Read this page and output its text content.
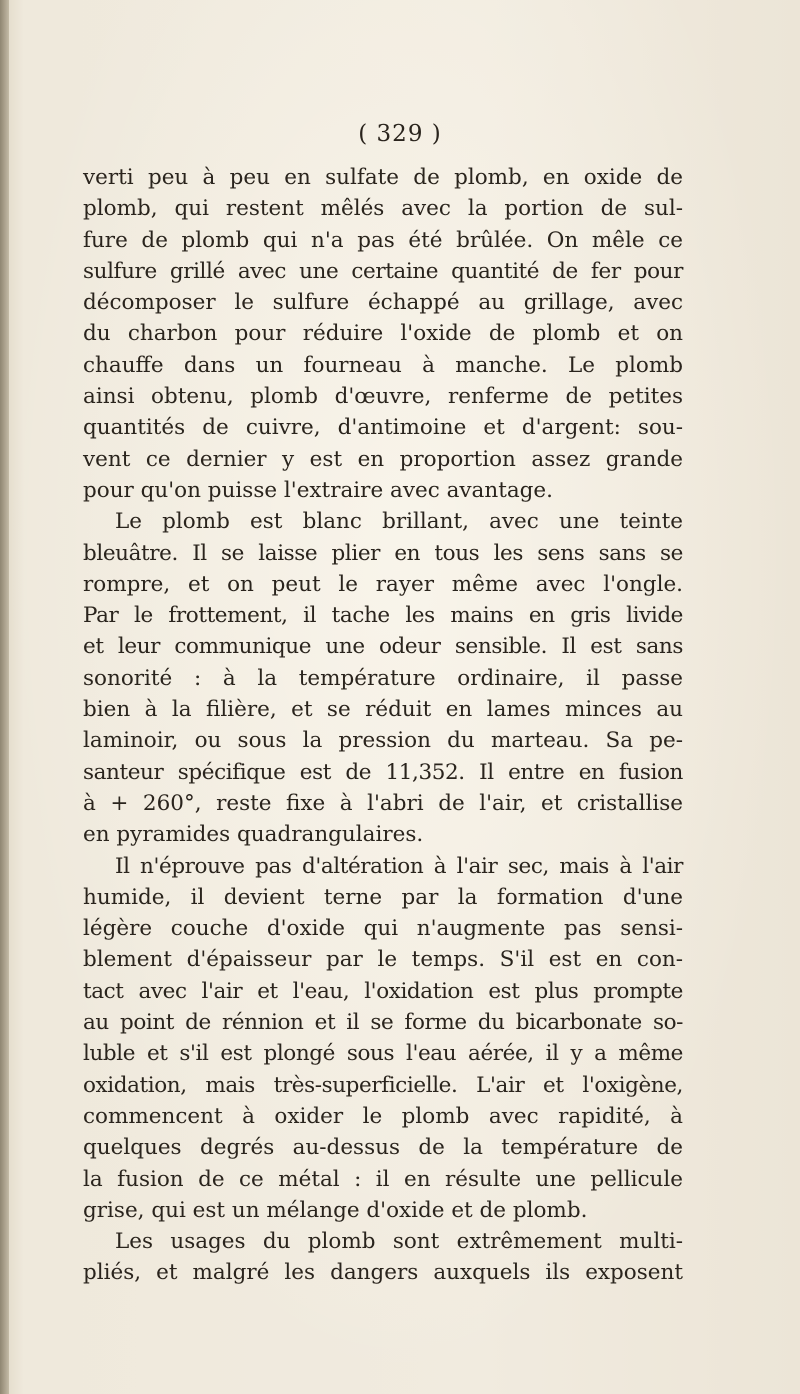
( 329 )
verti peu à peu en sulfate de plomb, en oxide de
plomb, qui restent mêlés avec la portion de sul-
fure de plomb qui n'a pas été brûlée. On mêle ce
sulfure grillé avec une certaine quantité de fer pour
décomposer le sulfure échappé au grillage, avec
du charbon pour réduire l'oxide de plomb et on
chauffe dans un fourneau à manche. Le plomb
ainsi obtenu, plomb d'œuvre, renferme de petites
quantités de cuivre, d'antimoine et d'argent: sou-
vent ce dernier y est en proportion assez grande
pour qu'on puisse l'extraire avec avantage.
Le plomb est blanc brillant, avec une teinte
bleuâtre. Il se laisse plier en tous les sens sans se
rompre, et on peut le rayer même avec l'ongle.
Par le frottement, il tache les mains en gris livide
et leur communique une odeur sensible. Il est sans
sonorité : à la température ordinaire, il passe
bien à la filière, et se réduit en lames minces au
laminoir, ou sous la pression du marteau. Sa pe-
santeur spécifique est de 11,352. Il entre en fusion
à + 260°, reste fixe à l'abri de l'air, et cristallise
en pyramides quadrangulaires.
Il n'éprouve pas d'altération à l'air sec, mais à l'air
humide, il devient terne par la formation d'une
légère couche d'oxide qui n'augmente pas sensi-
blement d'épaisseur par le temps. S'il est en con-
tact avec l'air et l'eau, l'oxidation est plus prompte
au point de rénnion et il se forme du bicarbonate so-
luble et s'il est plongé sous l'eau aérée, il y a même
oxidation, mais très-superficielle. L'air et l'oxigène,
commencent à oxider le plomb avec rapidité, à
quelques degrés au-dessus de la température de
la fusion de ce métal : il en résulte une pellicule
grise, qui est un mélange d'oxide et de plomb.
Les usages du plomb sont extrêmement multi-
pliés, et malgré les dangers auxquels ils exposent
